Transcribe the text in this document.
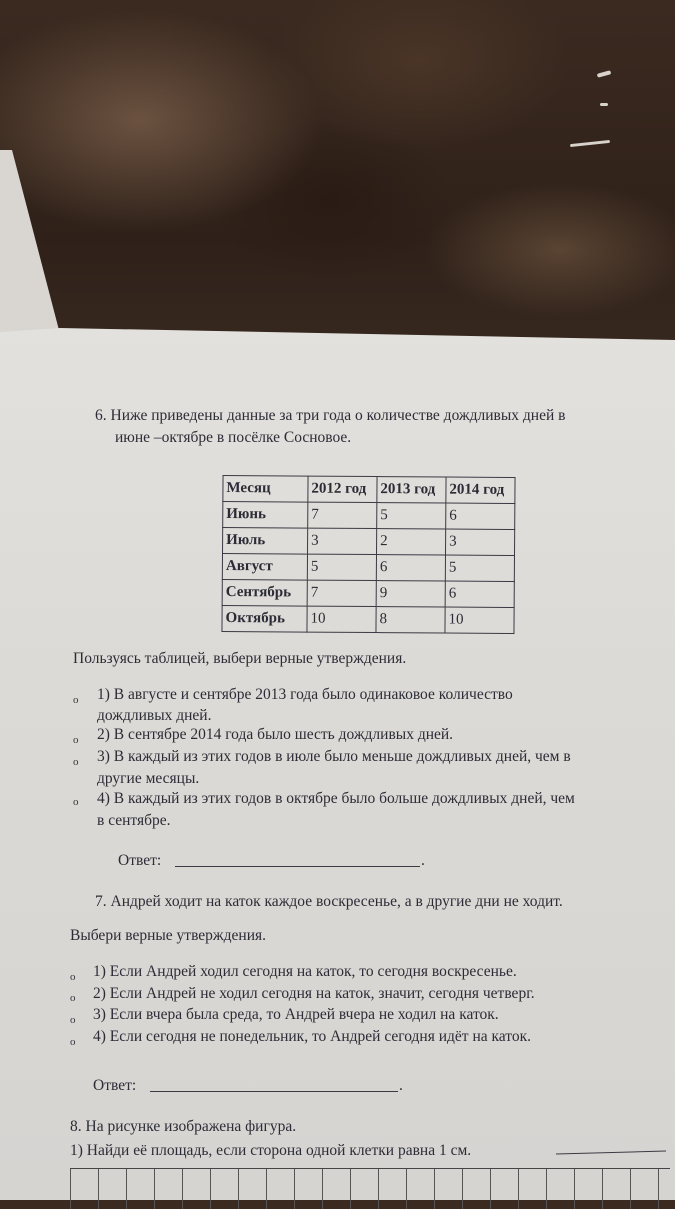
6. Ниже приведены данные за три года о количестве дождливых дней в
июне –октябре в посёлке Сосновое.
Месяц	2012 год	2013 год	2014 год
Июнь	7	5	6
Июль	3	2	3
Август	5	6	5
Сентябрь	7	9	6
Октябрь	10	8	10
Пользуясь таблицей, выбери верные утверждения.
o 1) В августе и сентябре 2013 года было одинаковое количество
дождливых дней.
o 2) В сентябре 2014 года было шесть дождливых дней.
o 3) В каждый из этих годов в июле было меньше дождливых дней, чем в
другие месяцы.
o 4) В каждый из этих годов в октябре было больше дождливых дней, чем
в сентябре.
Ответ:	.
7. Андрей ходит на каток каждое воскресенье, а в другие дни не ходит.
Выбери верные утверждения.
o 1) Если Андрей ходил сегодня на каток, то сегодня воскресенье.
o 2) Если Андрей не ходил сегодня на каток, значит, сегодня четверг.
o 3) Если вчера была среда, то Андрей вчера не ходил на каток.
o 4) Если сегодня не понедельник, то Андрей сегодня идёт на каток.
Ответ:	.
8. На рисунке изображена фигура.
1) Найди её площадь, если сторона одной клетки равна 1 см.
